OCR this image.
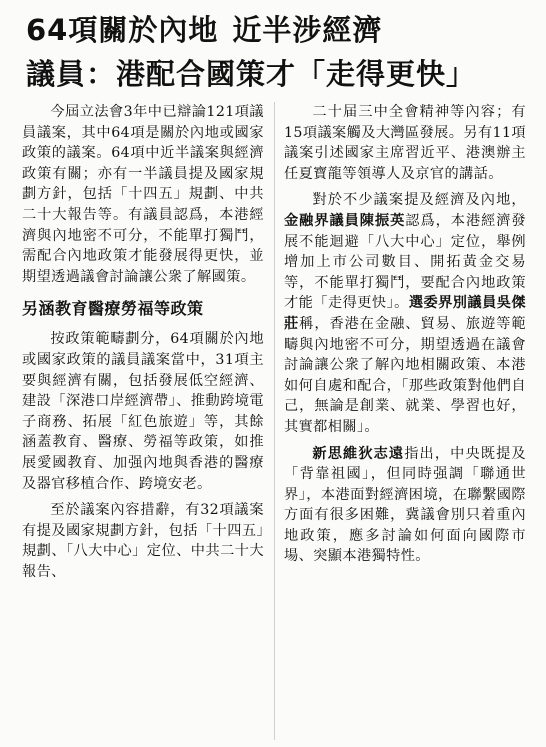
64項關於內地 近半涉經濟
議員：港配合國策才「走得更快」

今屆立法會3年中已辯論121項議員議案，其中64項是關於內地或國家政策的議案。64項中近半議案與經濟政策有關；亦有一半議員提及國家規劃方針，包括「十四五」規劃、中共二十大報告等。有議員認爲，本港經濟與內地密不可分，不能單打獨鬥，需配合內地政策才能發展得更快，並期望透過議會討論讓公衆了解國策。

另涵教育醫療勞福等政策

按政策範疇劃分，64項關於內地或國家政策的議員議案當中，31項主要與經濟有關，包括發展低空經濟、建設「深港口岸經濟帶」、推動跨境電子商務、拓展「紅色旅遊」等，其餘涵蓋教育、醫療、勞福等政策，如推展愛國教育、加强內地與香港的醫療及器官移植合作、跨境安老。

至於議案內容措辭，有32項議案有提及國家規劃方針，包括「十四五」規劃、「八大中心」定位、中共二十大報告、

二十届三中全會精神等內容；有15項議案觸及大灣區發展。另有11項議案引述國家主席習近平、港澳辦主任夏寶龍等領導人及京官的講話。

對於不少議案提及經濟及內地，金融界議員陳振英認爲，本港經濟發展不能迴避「八大中心」定位，舉例增加上市公司數目、開拓黃金交易等，不能單打獨鬥，要配合內地政策才能「走得更快」。選委界別議員吳傑莊稱，香港在金融、貿易、旅遊等範疇與內地密不可分，期望透過在議會討論讓公衆了解內地相關政策、本港如何自處和配合，「那些政策對他們自己，無論是創業、就業、學習也好，其實都相關」。

新思維狄志遠指出，中央既提及「背靠祖國」，但同時强調「聯通世界」，本港面對經濟困境，在聯繫國際方面有很多困難，冀議會別只着重內地政策，應多討論如何面向國際市場、突顯本港獨特性。
